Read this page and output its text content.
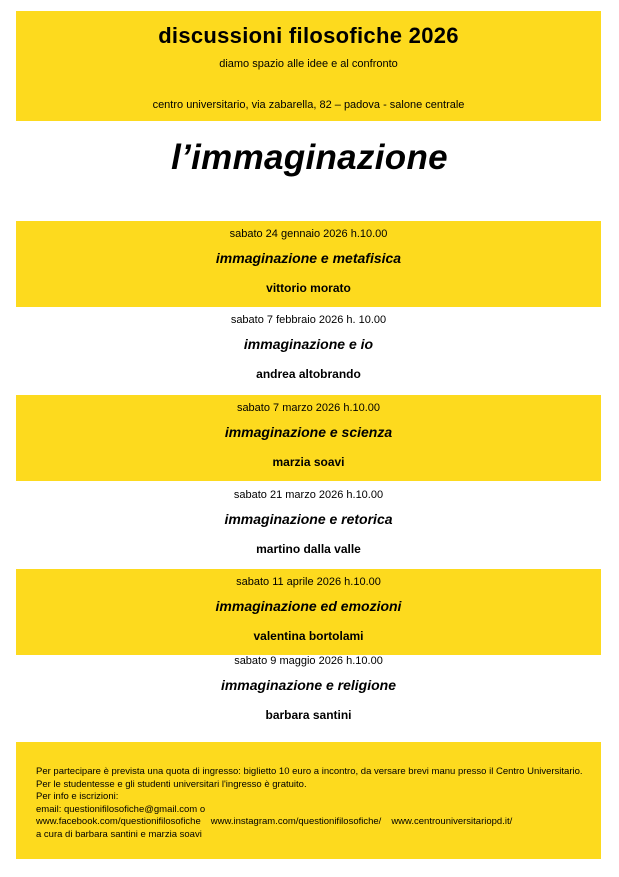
discussioni filosofiche 2026
diamo spazio alle idee e al confronto
centro universitario, via zabarella, 82 – padova - salone centrale
l’immaginazione
sabato 24 gennaio 2026 h.10.00
immaginazione e metafisica
vittorio morato
sabato 7 febbraio 2026 h. 10.00
immaginazione e io
andrea altobrando
sabato 7 marzo 2026 h.10.00
immaginazione e scienza
marzia soavi
sabato 21 marzo 2026 h.10.00
immaginazione e retorica
martino dalla valle
sabato 11 aprile 2026 h.10.00
immaginazione ed emozioni
valentina bortolami
sabato 9 maggio 2026 h.10.00
immaginazione e religione
barbara santini
Per partecipare è prevista una quota di ingresso: biglietto 10 euro a incontro, da versare brevi manu presso il Centro Universitario. Per le studentesse e gli studenti universitari l'ingresso è gratuito.
Per info e iscrizioni:
email: questionifilosofiche@gmail.com o
www.facebook.com/questionifilosofiche www.instagram.com/questionifilosofiche/ www.centrouniversitariopd.it/
a cura di barbara santini e marzia soavi
